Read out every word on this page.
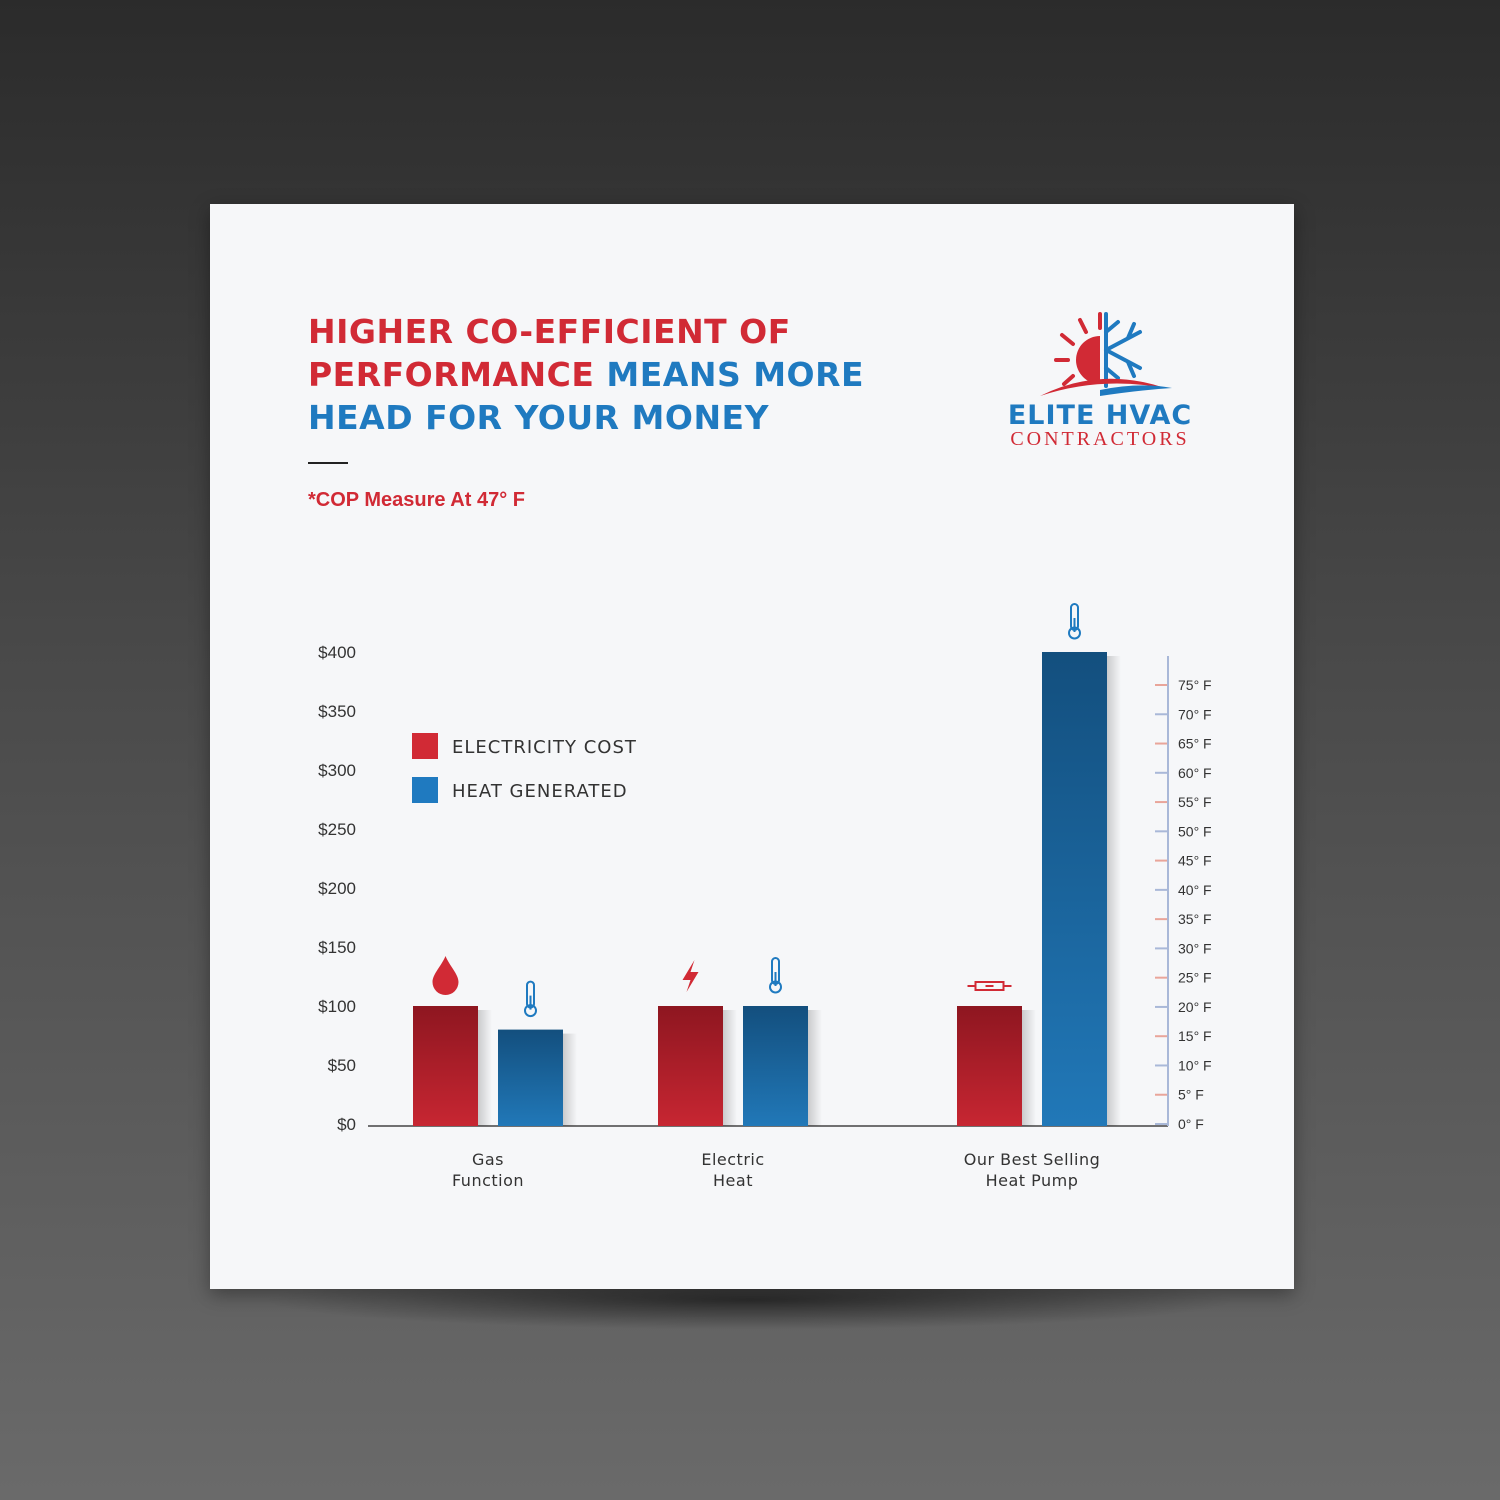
HIGHER CO-EFFICIENT OF PERFORMANCE MEANS MORE HEAD FOR YOUR MONEY
*COP Measure At 47° F
ELITE HVAC
CONTRACTORS
$0
$50
$100
$150
$200
$250
$300
$350
$400
Gas
Function
Electric
Heat
Our Best Selling
Heat Pump
ELECTRICITY COST
HEAT GENERATED
0° F
5° F
10° F
15° F
20° F
25° F
30° F
35° F
40° F
45° F
50° F
55° F
60° F
65° F
70° F
75° F
